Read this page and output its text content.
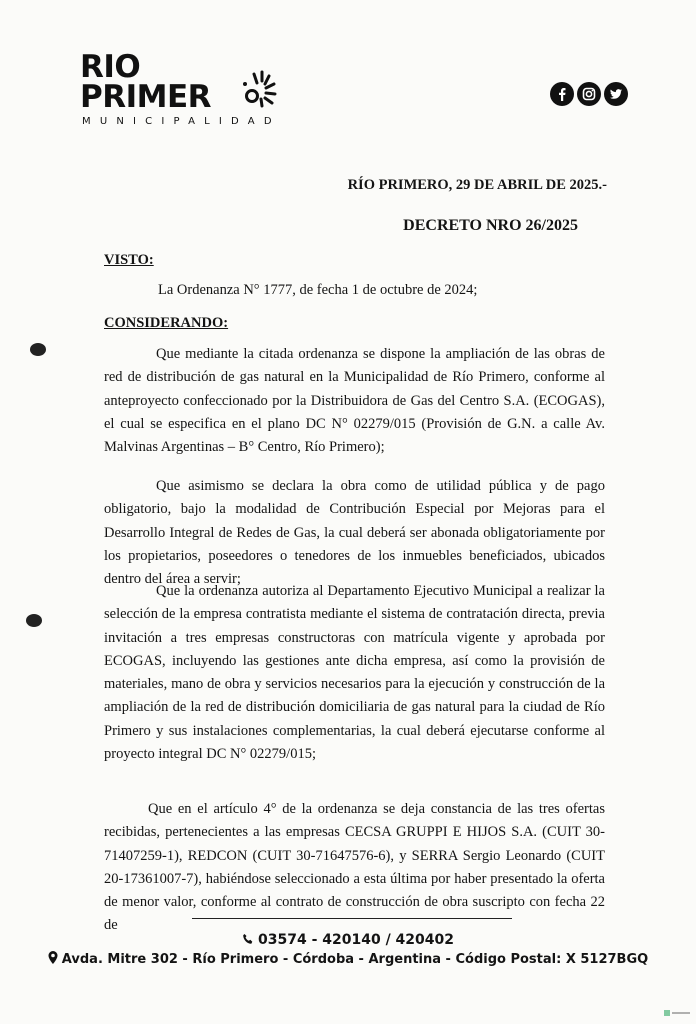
RIO
PRIMER
MUNICIPALIDAD
RÍO PRIMERO, 29 DE ABRIL DE 2025.-
DECRETO NRO 26/2025
VISTO:
La Ordenanza N° 1777, de fecha 1 de octubre de 2024;
CONSIDERANDO:
Que mediante la citada ordenanza se dispone la ampliación de las obras de red de distribución de gas natural en la Municipalidad de Río Primero, conforme al anteproyecto confeccionado por la Distribuidora de Gas del Centro S.A. (ECOGAS), el cual se especifica en el plano DC N° 02279/015 (Provisión de G.N. a calle Av. Malvinas Argentinas – B° Centro, Río Primero);
Que asimismo se declara la obra como de utilidad pública y de pago obligatorio, bajo la modalidad de Contribución Especial por Mejoras para el Desarrollo Integral de Redes de Gas, la cual deberá ser abonada obligatoriamente por los propietarios, poseedores o tenedores de los inmuebles beneficiados, ubicados dentro del área a servir;
Que la ordenanza autoriza al Departamento Ejecutivo Municipal a realizar la selección de la empresa contratista mediante el sistema de contratación directa, previa invitación a tres empresas constructoras con matrícula vigente y aprobada por ECOGAS, incluyendo las gestiones ante dicha empresa, así como la provisión de materiales, mano de obra y servicios necesarios para la ejecución y construcción de la ampliación de la red de distribución domiciliaria de gas natural para la ciudad de Río Primero y sus instalaciones complementarias, la cual deberá ejecutarse conforme al proyecto integral DC N° 02279/015;
Que en el artículo 4° de la ordenanza se deja constancia de las tres ofertas recibidas, pertenecientes a las empresas CECSA GRUPPI E HIJOS S.A. (CUIT 30-71407259-1), REDCON (CUIT 30-71647576-6), y SERRA Sergio Leonardo (CUIT 20-17361007-7), habiéndose seleccionado a esta última por haber presentado la oferta de menor valor, conforme al contrato de construcción de obra suscripto con fecha 22 de
03574 - 420140 / 420402
Avda. Mitre 302 - Río Primero - Córdoba - Argentina - Código Postal: X 5127BGQ
